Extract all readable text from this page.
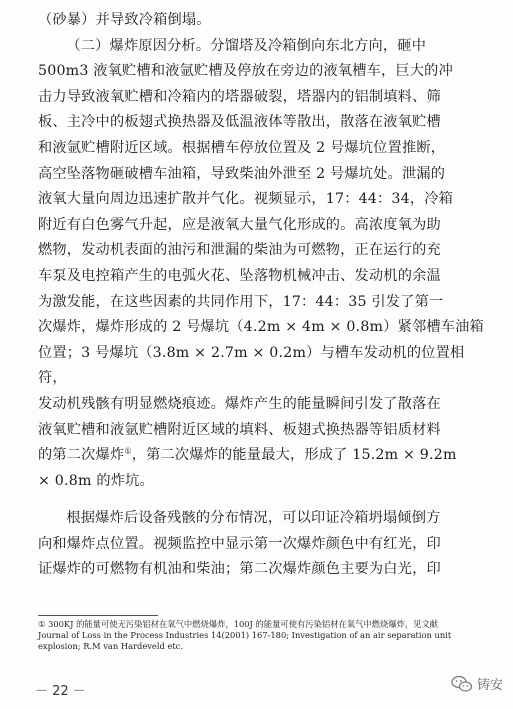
（砂暴）并导致冷箱倒塌。

（二）爆炸原因分析。分馏塔及冷箱倒向东北方向，砸中

500m3 液氧贮槽和液氩贮槽及停放在旁边的液氧槽车，巨大的冲

击力导致液氧贮槽和冷箱内的塔器破裂，塔器内的铝制填料、筛

板、主冷中的板翅式换热器及低温液体等散出，散落在液氧贮槽

和液氩贮槽附近区域。根据槽车停放位置及 2 号爆坑位置推断，

高空坠落物砸破槽车油箱，导致柴油外泄至 2 号爆坑处。泄漏的

液氧大量向周边迅速扩散并气化。视频显示，17：44：34，冷箱

附近有白色雾气升起，应是液氧大量气化形成的。高浓度氧为助

燃物，发动机表面的油污和泄漏的柴油为可燃物，正在运行的充

车泵及电控箱产生的电弧火花、坠落物机械冲击、发动机的余温

为激发能，在这些因素的共同作用下，17：44：35 引发了第一

次爆炸，爆炸形成的 2 号爆坑（4.2m × 4m × 0.8m）紧邻槽车油箱

位置；3 号爆坑（3.8m × 2.7m × 0.2m）与槽车发动机的位置相符，

发动机残骸有明显燃烧痕迹。爆炸产生的能量瞬间引发了散落在

液氧贮槽和液氩贮槽附近区域的填料、板翅式换热器等铝质材料

的第二次爆炸①，第二次爆炸的能量最大，形成了 15.2m × 9.2m

× 0.8m 的炸坑。

根据爆炸后设备残骸的分布情况，可以印证冷箱坍塌倾倒方

向和爆炸点位置。视频监控中显示第一次爆炸颜色中有红光，印

证爆炸的可燃物有机油和柴油；第二次爆炸颜色主要为白光，印

① 300KJ 的能量可使无污染铝材在氧气中燃烧爆炸，100J 的能量可使有污染铝材在氧气中燃烧爆炸，见文献

Journal of Loss in the Process Industries 14(2001) 167-180; Investigation of an air separation unit

explosion; R.M van Hardeveld etc.

－ 22 －	铸安
